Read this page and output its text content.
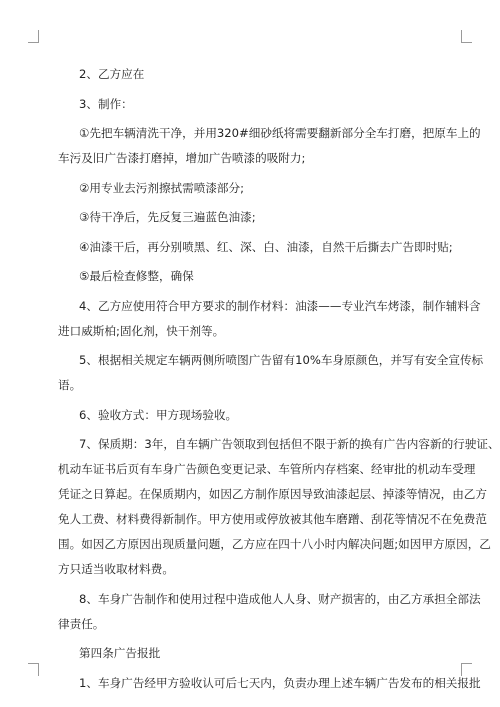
2、乙方应在

3、制作：

①先把车辆清洗干净，并用320#细砂纸将需要翻新部分全车打磨，把原车上的
车污及旧广告漆打磨掉，增加广告喷漆的吸附力;

②用专业去污剂擦拭需喷漆部分;

③待干净后，先反复三遍蓝色油漆;

④油漆干后，再分别喷黑、红、深、白、油漆，自然干后撕去广告即时贴;

⑤最后检查修整，确保

4、乙方应使用符合甲方要求的制作材料：油漆——专业汽车烤漆，制作辅料含
进口威斯柏;固化剂，快干剂等。

5、根据相关规定车辆两侧所喷图广告留有10%车身原颜色，并写有安全宣传标
语。

6、验收方式：甲方现场验收。

7、保质期：3年，自车辆广告领取到包括但不限于新的换有广告内容新的行驶证、
机动车证书后页有车身广告颜色变更记录、车管所内存档案、经审批的机动车受理
凭证之日算起。在保质期内，如因乙方制作原因导致油漆起层、掉漆等情况，由乙方
免人工费、材料费得新制作。甲方使用或停放被其他车磨蹭、刮花等情况不在免费范
围。如因乙方原因出现质量问题，乙方应在四十八小时内解决问题;如因甲方原因，乙
方只适当收取材料费。

8、车身广告制作和使用过程中造成他人人身、财产损害的，由乙方承担全部法
律责任。

第四条广告报批

1、车身广告经甲方验收认可后七天内，负责办理上述车辆广告发布的相关报批
